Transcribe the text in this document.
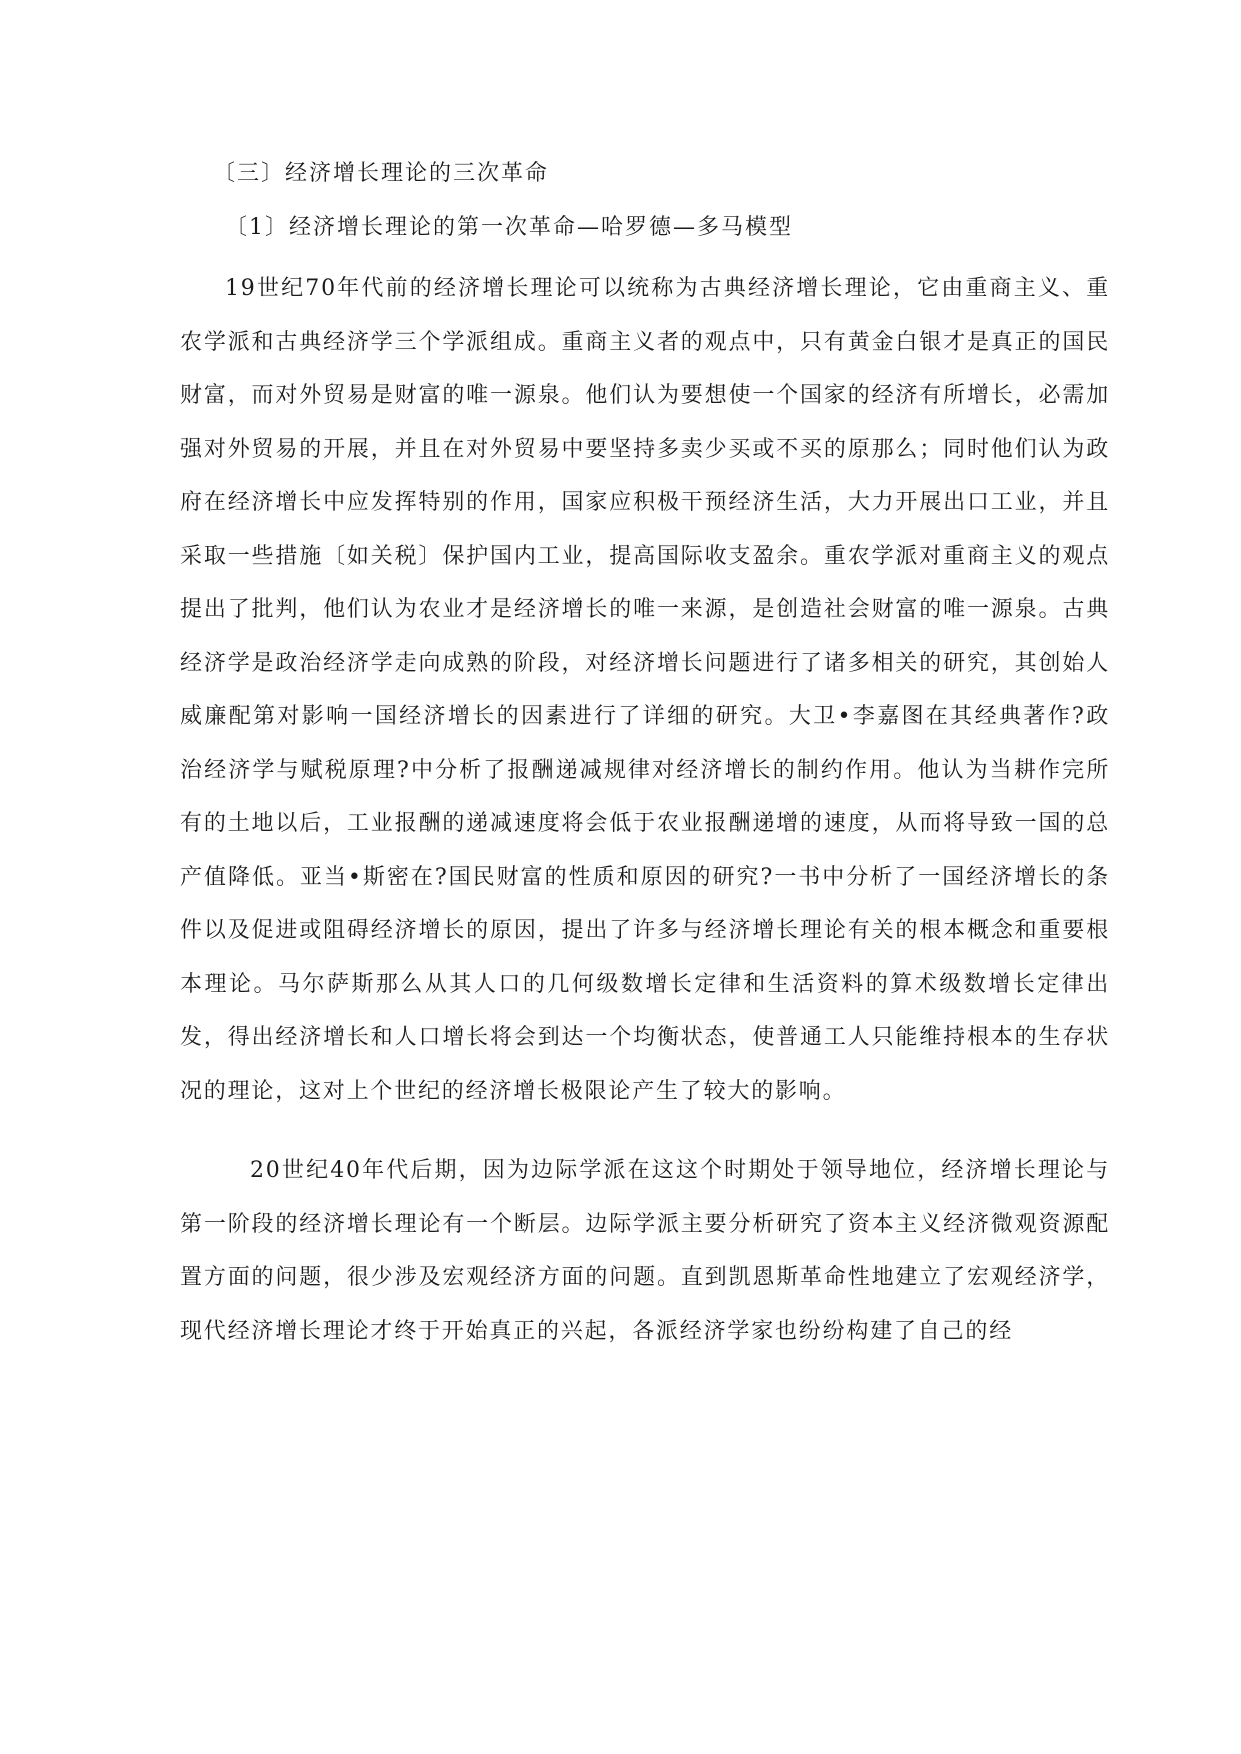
〔三〕经济增长理论的三次革命
〔1〕经济增长理论的第一次革命—哈罗德—多马模型

19世纪70年代前的经济增长理论可以统称为古典经济增长理论，它由重商主义、重农学派和古典经济学三个学派组成。重商主义者的观点中，只有黄金白银才是真正的国民财富，而对外贸易是财富的唯一源泉。他们认为要想使一个国家的经济有所增长，必需加强对外贸易的开展，并且在对外贸易中要坚持多卖少买或不买的原那么；同时他们认为政府在经济增长中应发挥特别的作用，国家应积极干预经济生活，大力开展出口工业，并且采取一些措施〔如关税〕保护国内工业，提高国际收支盈余。重农学派对重商主义的观点提出了批判，他们认为农业才是经济增长的唯一来源，是创造社会财富的唯一源泉。古典经济学是政治经济学走向成熟的阶段，对经济增长问题进行了诸多相关的研究，其创始人威廉配第对影响一国经济增长的因素进行了详细的研究。大卫•李嘉图在其经典著作?政治经济学与赋税原理?中分析了报酬递减规律对经济增长的制约作用。他认为当耕作完所有的土地以后，工业报酬的递减速度将会低于农业报酬递增的速度，从而将导致一国的总产值降低。亚当•斯密在?国民财富的性质和原因的研究?一书中分析了一国经济增长的条件以及促进或阻碍经济增长的原因，提出了许多与经济增长理论有关的根本概念和重要根本理论。马尔萨斯那么从其人口的几何级数增长定律和生活资料的算术级数增长定律出发，得出经济增长和人口增长将会到达一个均衡状态，使普通工人只能维持根本的生存状况的理论，这对上个世纪的经济增长极限论产生了较大的影响。

20世纪40年代后期，因为边际学派在这这个时期处于领导地位，经济增长理论与第一阶段的经济增长理论有一个断层。边际学派主要分析研究了资本主义经济微观资源配置方面的问题，很少涉及宏观经济方面的问题。直到凯恩斯革命性地建立了宏观经济学，现代经济增长理论才终于开始真正的兴起，各派经济学家也纷纷构建了自己的经
